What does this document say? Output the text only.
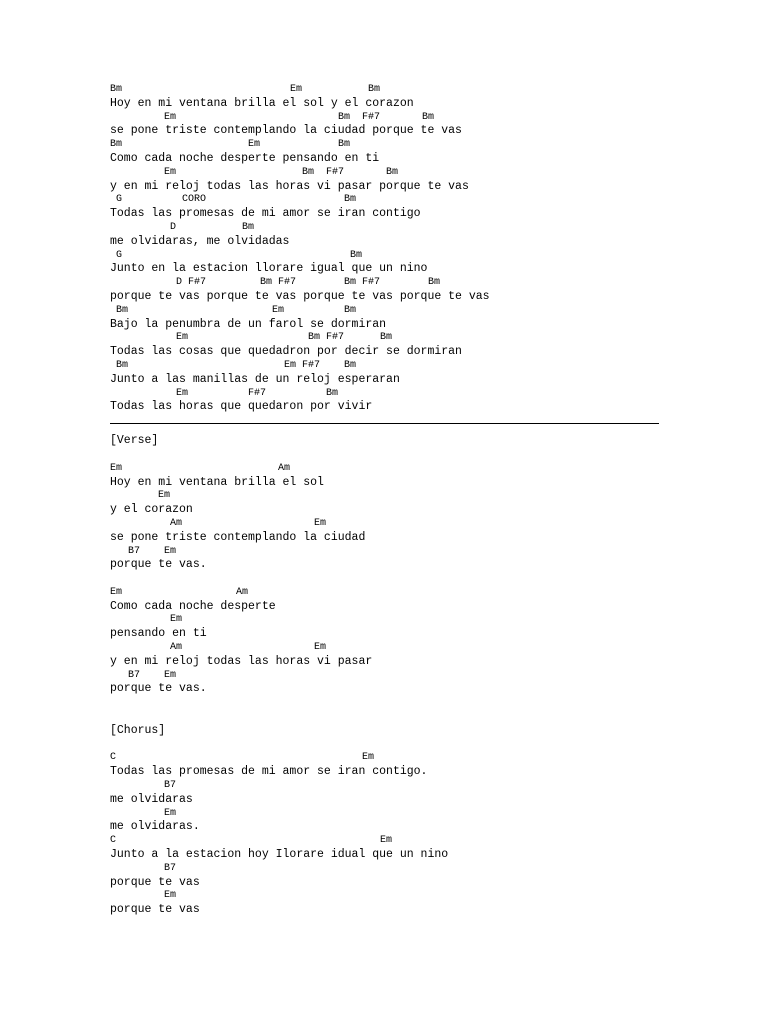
Bm                            Em           Bm
Hoy en mi ventana brilla el sol y el corazon
Em                           Bm  F#7       Bm
se pone triste contemplando la ciudad porque te vas
Bm                     Em             Bm
Como cada noche desperte pensando en ti
Em                     Bm  F#7       Bm
y en mi reloj todas las horas vi pasar porque te vas
G          CORO                       Bm
Todas las promesas de mi amor se iran contigo
D           Bm
me olvidaras, me olvidadas
G                                      Bm
Junto en la estacion llorare igual que un nino
D F#7         Bm F#7        Bm F#7        Bm
porque te vas porque te vas porque te vas porque te vas
Bm                        Em          Bm
Bajo la penumbra de un farol se dormiran
Em                    Bm F#7      Bm
Todas las cosas que quedadron por decir se dormiran
Bm                          Em F#7    Bm
Junto a las manillas de un reloj esperaran
Em          F#7          Bm
Todas las horas que quedaron por vivir
[Verse]
Em                          Am
Hoy en mi ventana brilla el sol
Em
y el corazon
Am                      Em
se pone triste contemplando la ciudad
B7    Em
porque te vas.
Em                   Am
Como cada noche desperte
Em
pensando en ti
Am                      Em
y en mi reloj todas las horas vi pasar
B7    Em
porque te vas.
[Chorus]
C                                         Em
Todas las promesas de mi amor se iran contigo.
B7
me olvidaras
Em
me olvidaras.
C                                            Em
Junto a la estacion hoy Ilorare idual que un nino
B7
porque te vas
Em
porque te vas
